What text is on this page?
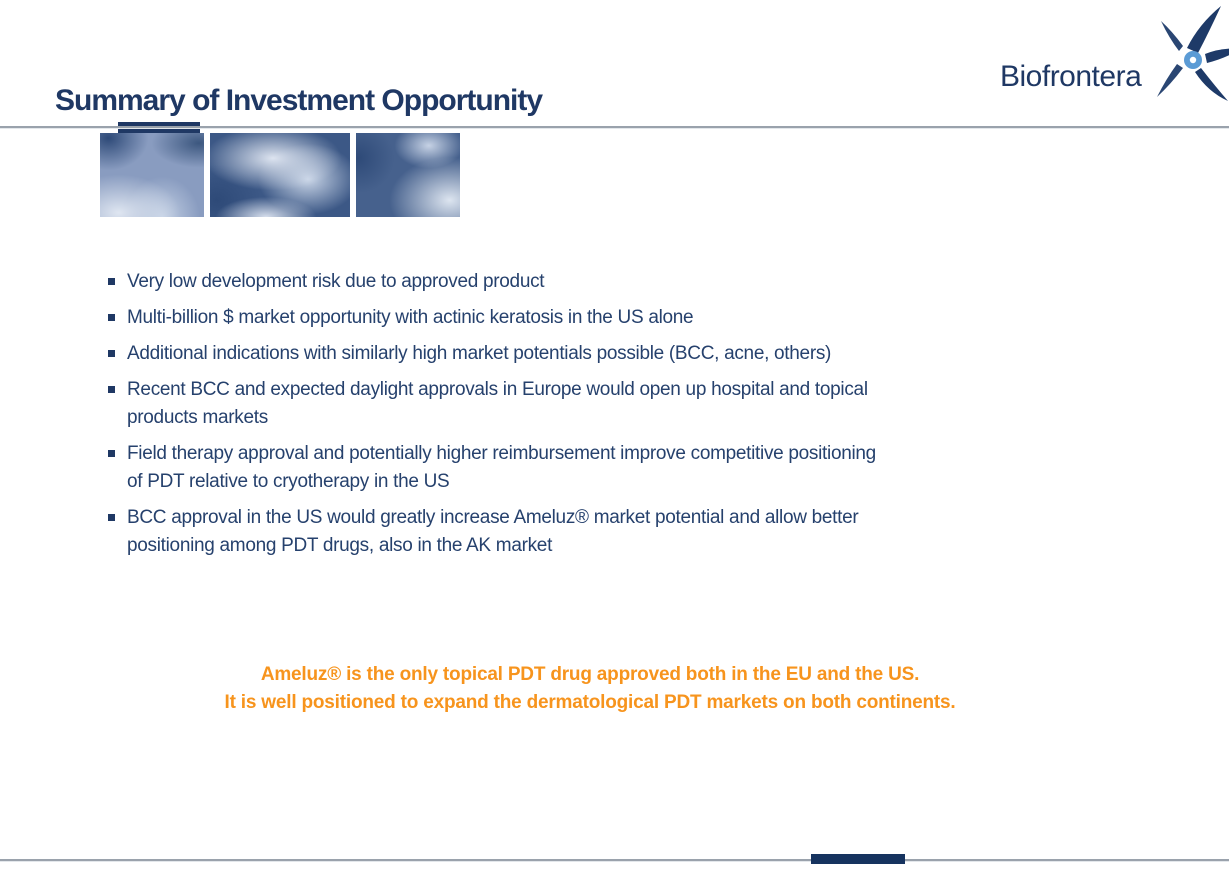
Summary of Investment Opportunity
Biofrontera
Very low development risk due to approved product
Multi-billion $ market opportunity with actinic keratosis in the US alone
Additional indications with similarly high market potentials possible (BCC, acne, others)
Recent BCC and expected daylight approvals in Europe would open up hospital and topical
products markets
Field therapy approval and potentially higher reimbursement improve competitive positioning
of PDT relative to cryotherapy in the US
BCC approval in the US would greatly increase Ameluz® market potential and allow better
positioning among PDT drugs, also in the AK market
Ameluz® is the only topical PDT drug approved both in the EU and the US.
It is well positioned to expand the dermatological PDT markets on both continents.
